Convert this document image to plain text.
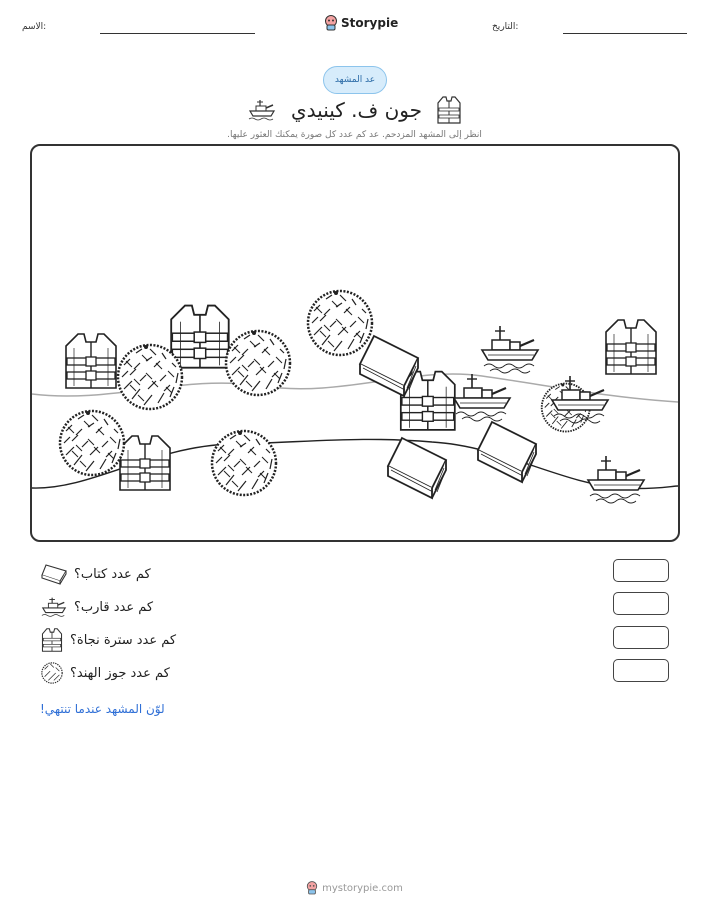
الاسم:	Storypie	التاريخ:
عد المشهد
جون ف. كينيدي
انظر إلى المشهد المزدحم. عد كم عدد كل صورة يمكنك العثور عليها.
كم عدد كتاب؟
كم عدد قارب؟
كم عدد سترة نجاة؟
كم عدد جوز الهند؟
لوّن المشهد عندما تنتهي!
mystorypie.com
